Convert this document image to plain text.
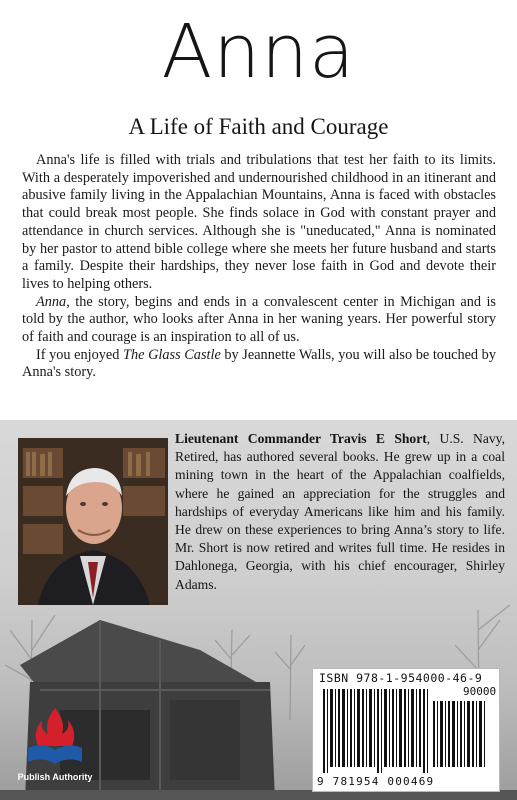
Anna
A Life of Faith and Courage

Anna's life is filled with trials and tribulations that test her faith to its limits. With a desperately impoverished and undernourished childhood in an itinerant and abusive family living in the Appalachian Mountains, Anna is faced with obstacles that could break most people. She finds solace in God with constant prayer and attendance in church services. Although she is "uneducated," Anna is nominated by her pastor to attend bible college where she meets her future husband and starts a family. Despite their hardships, they never lose faith in God and devote their lives to helping others.

Anna, the story, begins and ends in a convalescent center in Michigan and is told by the author, who looks after Anna in her waning years. Her powerful story of faith and courage is an inspiration to all of us.

If you enjoyed The Glass Castle by Jeannette Walls, you will also be touched by Anna's story.

Lieutenant Commander Travis E Short, U.S. Navy, Retired, has authored several books. He grew up in a coal mining town in the heart of the Appalachian coalfields, where he gained an appreciation for the struggles and hardships of everyday Americans like him and his family. He drew on these experiences to bring Anna’s story to life. Mr. Short is now retired and writes full time. He resides in Dahlonega, Georgia, with his chief encourager, Shirley Adams.
ISBN 978-1-954000-46-9
90000
9 781954 000469
Publish Authority
